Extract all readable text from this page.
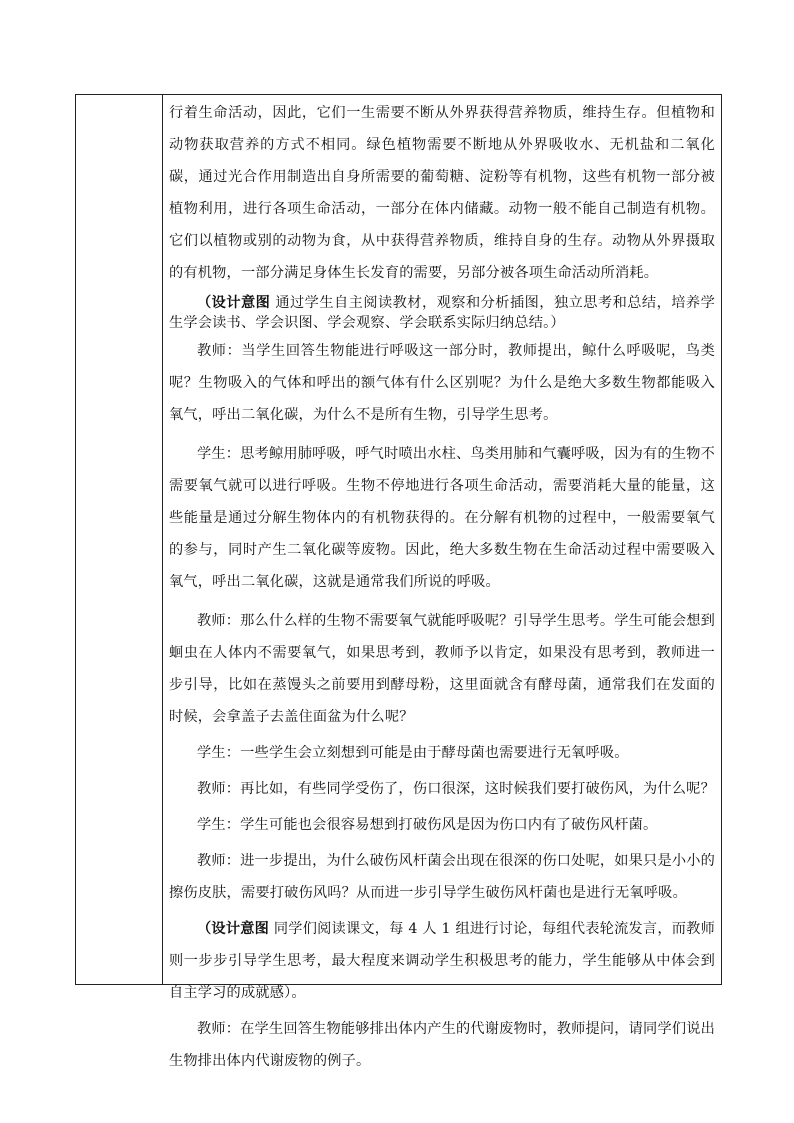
行着生命活动，因此，它们一生需要不断从外界获得营养物质，维持生存。但植物和动物获取营养的方式不相同。绿色植物需要不断地从外界吸收水、无机盐和二氧化碳，通过光合作用制造出自身所需要的葡萄糖、淀粉等有机物，这些有机物一部分被植物利用，进行各项生命活动，一部分在体内储藏。动物一般不能自己制造有机物。它们以植物或别的动物为食，从中获得营养物质，维持自身的生存。动物从外界摄取的有机物，一部分满足身体生长发育的需要，另部分被各项生命活动所消耗。

（设计意图 通过学生自主阅读教材，观察和分析插图，独立思考和总结，培养学生学会读书、学会识图、学会观察、学会联系实际归纳总结。）

教师：当学生回答生物能进行呼吸这一部分时，教师提出，鲸什么呼吸呢，鸟类呢？生物吸入的气体和呼出的额气体有什么区别呢？为什么是绝大多数生物都能吸入氧气，呼出二氧化碳，为什么不是所有生物，引导学生思考。

学生：思考鲸用肺呼吸，呼气时喷出水柱、鸟类用肺和气囊呼吸，因为有的生物不需要氧气就可以进行呼吸。生物不停地进行各项生命活动，需要消耗大量的能量，这些能量是通过分解生物体内的有机物获得的。在分解有机物的过程中，一般需要氧气的参与，同时产生二氧化碳等废物。因此，绝大多数生物在生命活动过程中需要吸入氧气，呼出二氧化碳，这就是通常我们所说的呼吸。

教师：那么什么样的生物不需要氧气就能呼吸呢？引导学生思考。学生可能会想到蛔虫在人体内不需要氧气，如果思考到，教师予以肯定，如果没有思考到，教师进一步引导，比如在蒸馒头之前要用到酵母粉，这里面就含有酵母菌，通常我们在发面的时候，会拿盖子去盖住面盆为什么呢？

学生：一些学生会立刻想到可能是由于酵母菌也需要进行无氧呼吸。

教师：再比如，有些同学受伤了，伤口很深，这时候我们要打破伤风，为什么呢？

学生：学生可能也会很容易想到打破伤风是因为伤口内有了破伤风杆菌。

教师：进一步提出，为什么破伤风杆菌会出现在很深的伤口处呢，如果只是小小的擦伤皮肤，需要打破伤风吗？从而进一步引导学生破伤风杆菌也是进行无氧呼吸。

（设计意图 同学们阅读课文，每 4 人 1 组进行讨论，每组代表轮流发言，而教师则一步步引导学生思考，最大程度来调动学生积极思考的能力，学生能够从中体会到自主学习的成就感）。

教师：在学生回答生物能够排出体内产生的代谢废物时，教师提问，请同学们说出生物排出体内代谢废物的例子。
